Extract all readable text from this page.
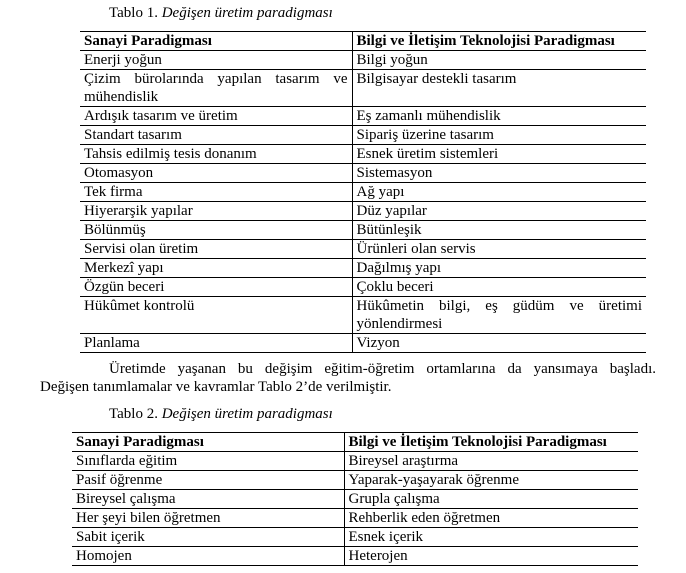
Tablo 1. Değişen üretim paradigması
Sanayi Paradigması	Bilgi ve İletişim Teknolojisi Paradigması
Enerji yoğun	Bilgi yoğun
Çizim bürolarında yapılan tasarım ve mühendislik	Bilgisayar destekli tasarım
Ardışık tasarım ve üretim	Eş zamanlı mühendislik
Standart tasarım	Sipariş üzerine tasarım
Tahsis edilmiş tesis donanım	Esnek üretim sistemleri
Otomasyon	Sistemasyon
Tek firma	Ağ yapı
Hiyerarşik yapılar	Düz yapılar
Bölünmüş	Bütünleşik
Servisi olan üretim	Ürünleri olan servis
Merkezî yapı	Dağılmış yapı
Özgün beceri	Çoklu beceri
Hükûmet kontrolü	Hükûmetin bilgi, eş güdüm ve üretimi yönlendirmesi
Planlama	Vizyon

Üretimde yaşanan bu değişim eğitim-öğretim ortamlarına da yansımaya başladı.

Değişen tanımlamalar ve kavramlar Tablo 2’de verilmiştir.

Tablo 2. Değişen üretim paradigması
Sanayi Paradigması	Bilgi ve İletişim Teknolojisi Paradigması
Sınıflarda eğitim	Bireysel araştırma
Pasif öğrenme	Yaparak-yaşayarak öğrenme
Bireysel çalışma	Grupla çalışma
Her şeyi bilen öğretmen	Rehberlik eden öğretmen
Sabit içerik	Esnek içerik
Homojen	Heterojen
